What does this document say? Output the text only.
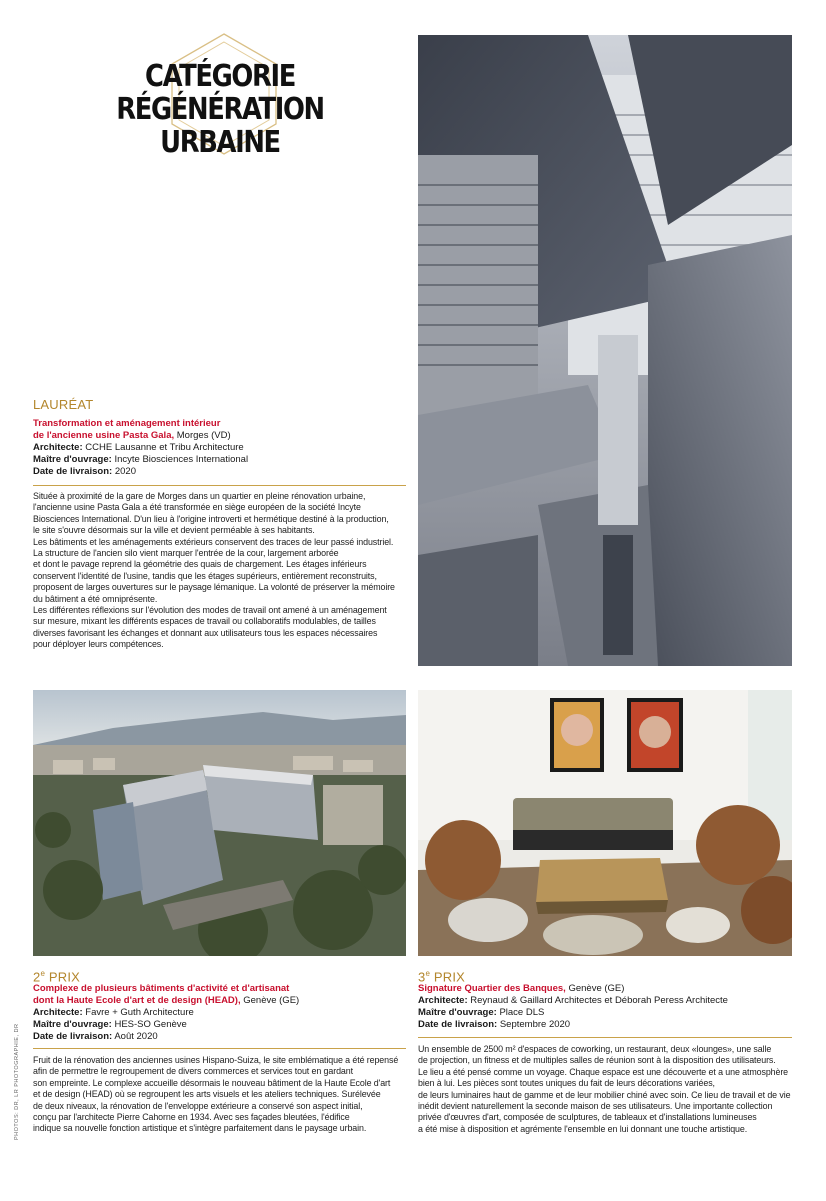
CATÉGORIE
RÉGÉNÉRATION URBAINE
LAURÉAT
Transformation et aménagement intérieur
de l'ancienne usine Pasta Gala, Morges (VD)
Architecte: CCHE Lausanne et Tribu Architecture
Maître d'ouvrage: Incyte Biosciences International
Date de livraison: 2020

Située à proximité de la gare de Morges dans un quartier en pleine rénovation urbaine,

l'ancienne usine Pasta Gala a été transformée en siège européen de la société Incyte

Biosciences International. D'un lieu à l'origine introverti et hermétique destiné à la production,

le site s'ouvre désormais sur la ville et devient perméable à ses habitants.

Les bâtiments et les aménagements extérieurs conservent des traces de leur passé industriel.

La structure de l'ancien silo vient marquer l'entrée de la cour, largement arborée

et dont le pavage reprend la géométrie des quais de chargement. Les étages inférieurs

conservent l'identité de l'usine, tandis que les étages supérieurs, entièrement reconstruits,

proposent de larges ouvertures sur le paysage lémanique. La volonté de préserver la mémoire

du bâtiment a été omniprésente.

Les différentes réflexions sur l'évolution des modes de travail ont amené à un aménagement

sur mesure, mixant les différents espaces de travail ou collaboratifs modulables, de tailles

diverses favorisant les échanges et donnant aux utilisateurs tous les espaces nécessaires

pour déployer leurs compétences.

2e PRIX
Complexe de plusieurs bâtiments d'activité et d'artisanat
dont la Haute Ecole d'art et de design (HEAD), Genève (GE)
Architecte: Favre + Guth Architecture
Maître d'ouvrage: HES-SO Genève
Date de livraison: Août 2020

Fruit de la rénovation des anciennes usines Hispano-Suiza, le site emblématique a été repensé

afin de permettre le regroupement de divers commerces et services tout en gardant

son empreinte. Le complexe accueille désormais le nouveau bâtiment de la Haute Ecole d'art

et de design (HEAD) où se regroupent les arts visuels et les ateliers techniques. Surélevée

de deux niveaux, la rénovation de l'enveloppe extérieure a conservé son aspect initial,

conçu par l'architecte Pierre Cahorne en 1934. Avec ses façades bleutées, l'édifice

indique sa nouvelle fonction artistique et s'intègre parfaitement dans le paysage urbain.

3e PRIX
Signature Quartier des Banques, Genève (GE)
Architecte: Reynaud & Gaillard Architectes et Déborah Peress Architecte
Maître d'ouvrage: Place DLS
Date de livraison: Septembre 2020

Un ensemble de 2500 m² d'espaces de coworking, un restaurant, deux «lounges», une salle

de projection, un fitness et de multiples salles de réunion sont à la disposition des utilisateurs.

Le lieu a été pensé comme un voyage. Chaque espace est une découverte et a une atmosphère

bien à lui. Les pièces sont toutes uniques du fait de leurs décorations variées,

de leurs luminaires haut de gamme et de leur mobilier chiné avec soin. Ce lieu de travail et de vie

inédit devient naturellement la seconde maison de ses utilisateurs. Une importante collection

privée d'œuvres d'art, composée de sculptures, de tableaux et d'installations lumineuses

a été mise à disposition et agrémente l'ensemble en lui donnant une touche artistique.

PHOTOS: DR, LR PHOTOGRAPHIE, DR
